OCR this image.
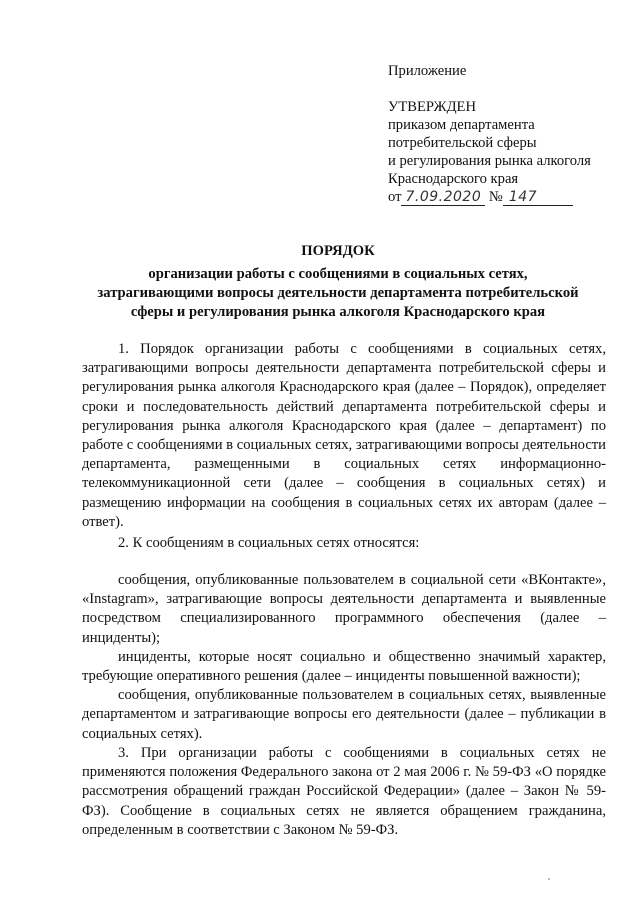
Приложение
УТВЕРЖДЕН
приказом департамента
потребительской сферы
и регулирования рынка алкоголя
Краснодарского края
от 7.09.2020 № 147
ПОРЯДОК
организации работы с сообщениями в социальных сетях,
затрагивающими вопросы деятельности департамента потребительской
сферы и регулирования рынка алкоголя Краснодарского края

1. Порядок организации работы с сообщениями в социальных сетях, затрагивающими вопросы деятельности департамента потребительской сферы и регулирования рынка алкоголя Краснодарского края (далее – Порядок), определяет сроки и последовательность действий департамента потребительской сферы и регулирования рынка алкоголя Краснодарского края (далее – департамент) по работе с сообщениями в социальных сетях, затрагивающими вопросы деятельности департамента, размещенными в социальных сетях информационно-телекоммуникационной сети (далее – сообщения в социальных сетях) и размещению информации на сообщения в социальных сетях их авторам (далее – ответ).

2. К сообщениям в социальных сетях относятся:

сообщения, опубликованные пользователем в социальной сети «ВКонтакте», «Instagram», затрагивающие вопросы деятельности департамента и выявленные посредством специализированного программного обеспечения (далее – инциденты);

инциденты, которые носят социально и общественно значимый характер, требующие оперативного решения (далее – инциденты повышенной важности);

сообщения, опубликованные пользователем в социальных сетях, выявленные департаментом и затрагивающие вопросы его деятельности (далее – публикации в социальных сетях).

3. При организации работы с сообщениями в социальных сетях не применяются положения Федерального закона от 2 мая 2006 г. № 59-ФЗ «О порядке рассмотрения обращений граждан Российской Федерации» (далее – Закон № 59-ФЗ). Сообщение в социальных сетях не является обращением гражданина, определенным в соответствии с Законом № 59-ФЗ.
